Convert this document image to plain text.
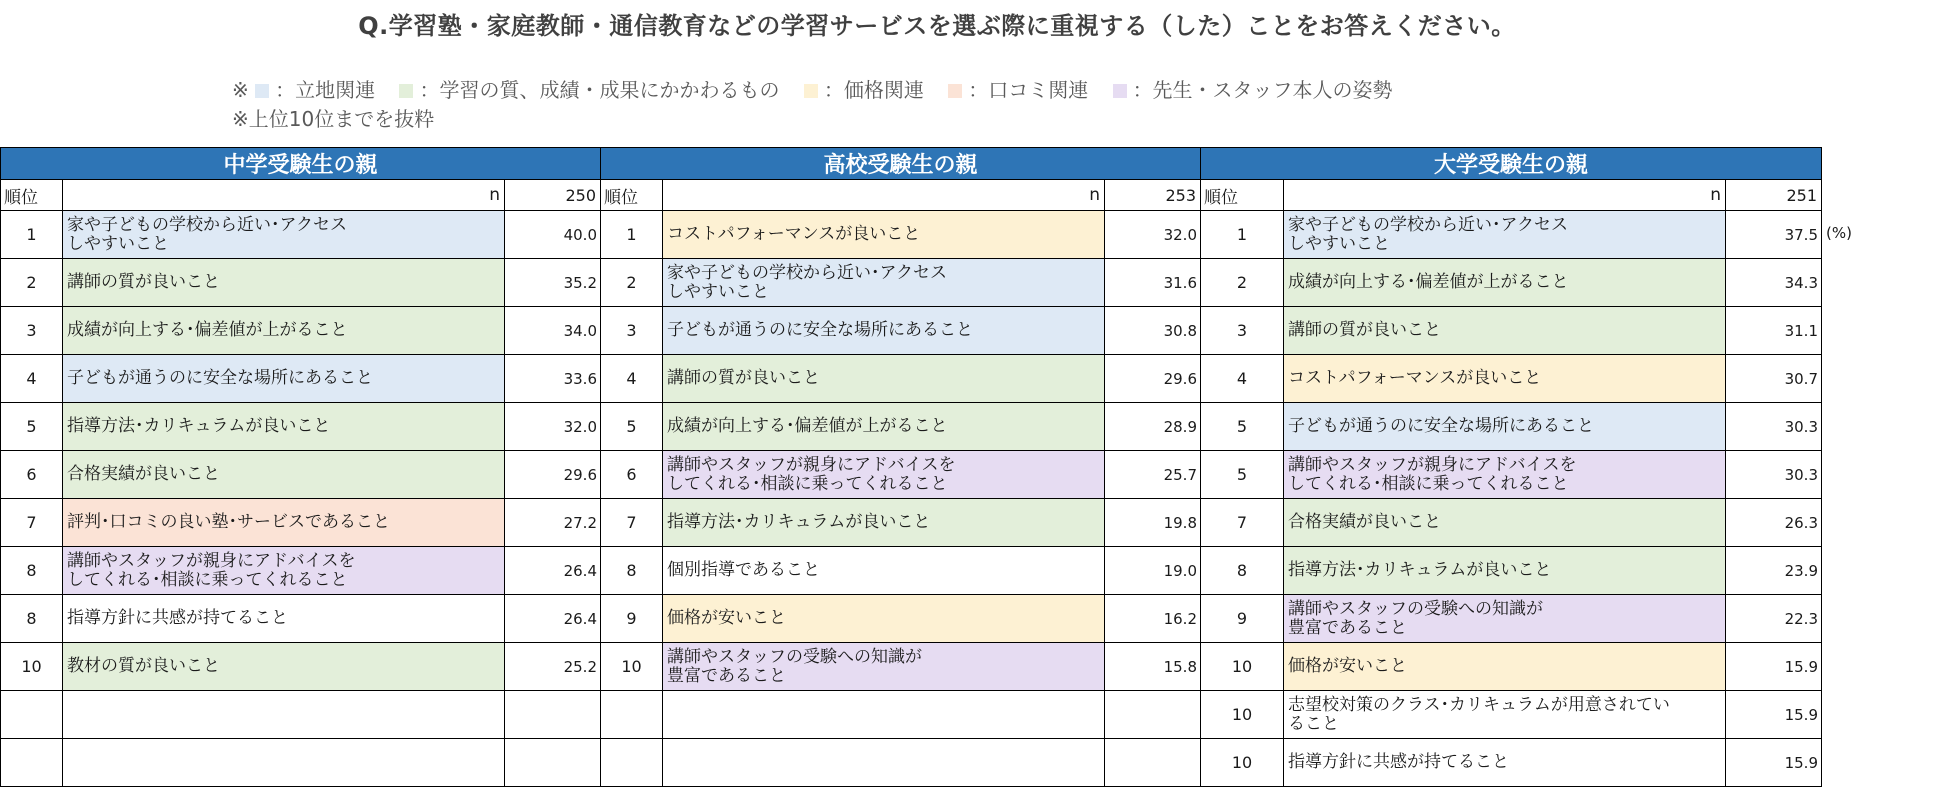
Q.学習塾・家庭教師・通信教育などの学習サービスを選ぶ際に重視する（した）ことをお答えください。
※ ：立地関連 ：学習の質、成績・成果にかかわるもの ：価格関連 ：口コミ関連 ：先生・スタッフ本人の姿勢
※上位10位までを抜粋
(%)
中学受験生の親		
順位	n	250
1	家や子どもの学校から近い･アクセス
しやすいこと	40.0
2	講師の質が良いこと	35.2
3	成績が向上する･偏差値が上がること	34.0
4	子どもが通うのに安全な場所にあること	33.6
5	指導方法･カリキュラムが良いこと	32.0
6	合格実績が良いこと	29.6
7	評判･口コミの良い塾･サービスであること	27.2
8	講師やスタッフが親身にアドバイスを
してくれる･相談に乗ってくれること	26.4
8	指導方針に共感が持てること	26.4
10	教材の質が良いこと	25.2

高校受験生の親		
順位	n	253
1	コストパフォーマンスが良いこと	32.0
2	家や子どもの学校から近い･アクセス
しやすいこと	31.6
3	子どもが通うのに安全な場所にあること	30.8
4	講師の質が良いこと	29.6
5	成績が向上する･偏差値が上がること	28.9
6	講師やスタッフが親身にアドバイスを
してくれる･相談に乗ってくれること	25.7
7	指導方法･カリキュラムが良いこと	19.8
8	個別指導であること	19.0
9	価格が安いこと	16.2
10	講師やスタッフの受験への知識が
豊富であること	15.8

大学受験生の親		
順位	n	251
1	家や子どもの学校から近い･アクセス
しやすいこと	37.5
2	成績が向上する･偏差値が上がること	34.3
3	講師の質が良いこと	31.1
4	コストパフォーマンスが良いこと	30.7
5	子どもが通うのに安全な場所にあること	30.3
5	講師やスタッフが親身にアドバイスを
してくれる･相談に乗ってくれること	30.3
7	合格実績が良いこと	26.3
8	指導方法･カリキュラムが良いこと	23.9
9	講師やスタッフの受験への知識が
豊富であること	22.3
10	価格が安いこと	15.9
10	志望校対策のクラス･カリキュラムが用意されてい
ること	15.9
10	指導方針に共感が持てること	15.9
